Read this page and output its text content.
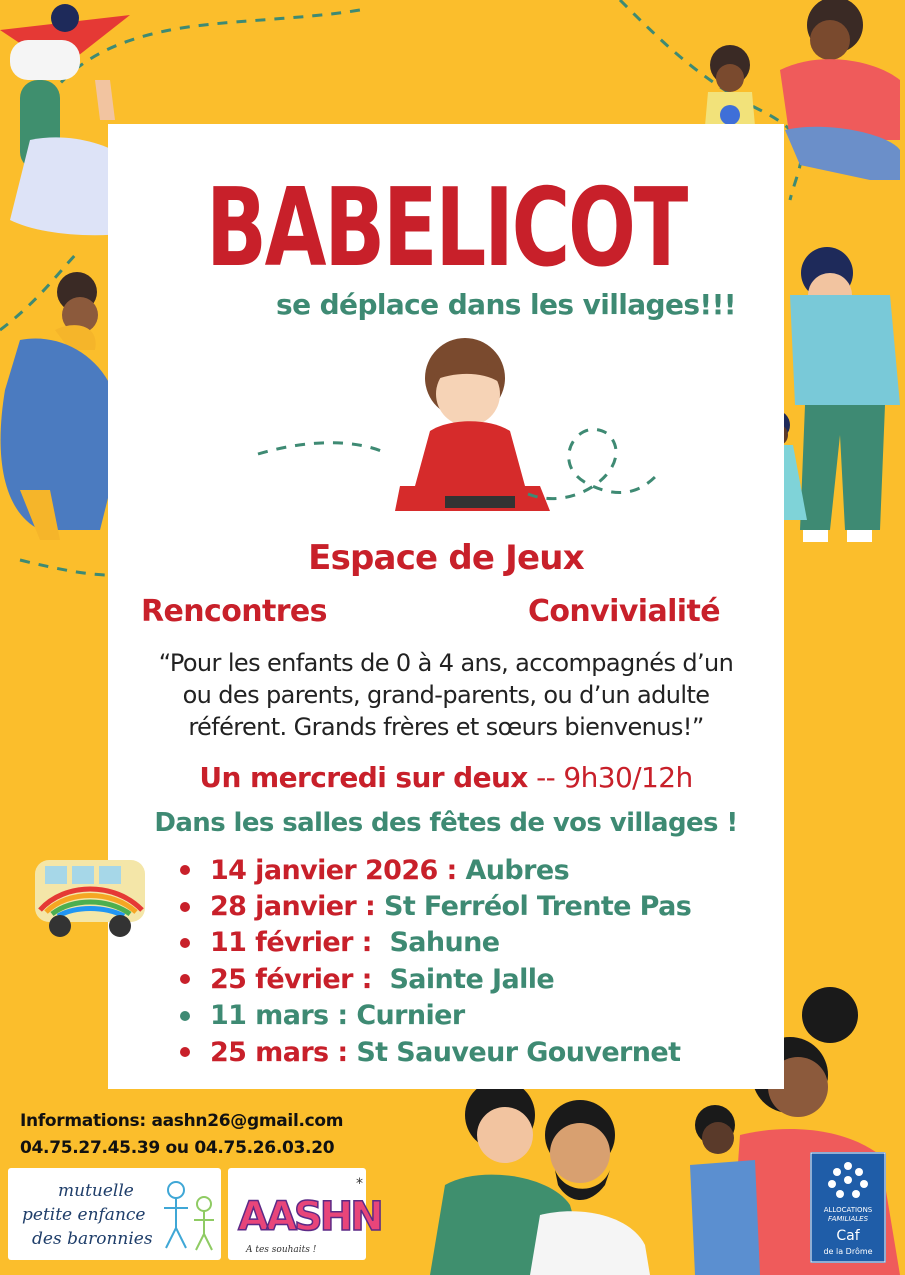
BABELICOT
se déplace dans les villages!!!
Espace de Jeux
Rencontres	Convivialité
“Pour les enfants de 0 à 4 ans, accompagnés d’un
ou des parents, grand-parents, ou d’un adulte
référent. Grands frères et sœurs bienvenus!”
Un mercredi sur deux -- 9h30/12h
Dans les salles des fêtes de vos villages !
14 janvier 2026 :
Aubres
28 janvier :
St Ferréol Trente Pas
11 février :
Sahune
25 février :
Sainte Jalle
11 mars :
Curnier
25 mars :
St Sauveur Gouvernet
Informations: aashn26@gmail.com
04.75.27.45.39 ou 04.75.26.03.20
mutuelle
petite enfance
des baronnies AASHN
*
A tes souhaits !
ALLOCATIONS
FAMILIALES
Caf
de la Drôme
